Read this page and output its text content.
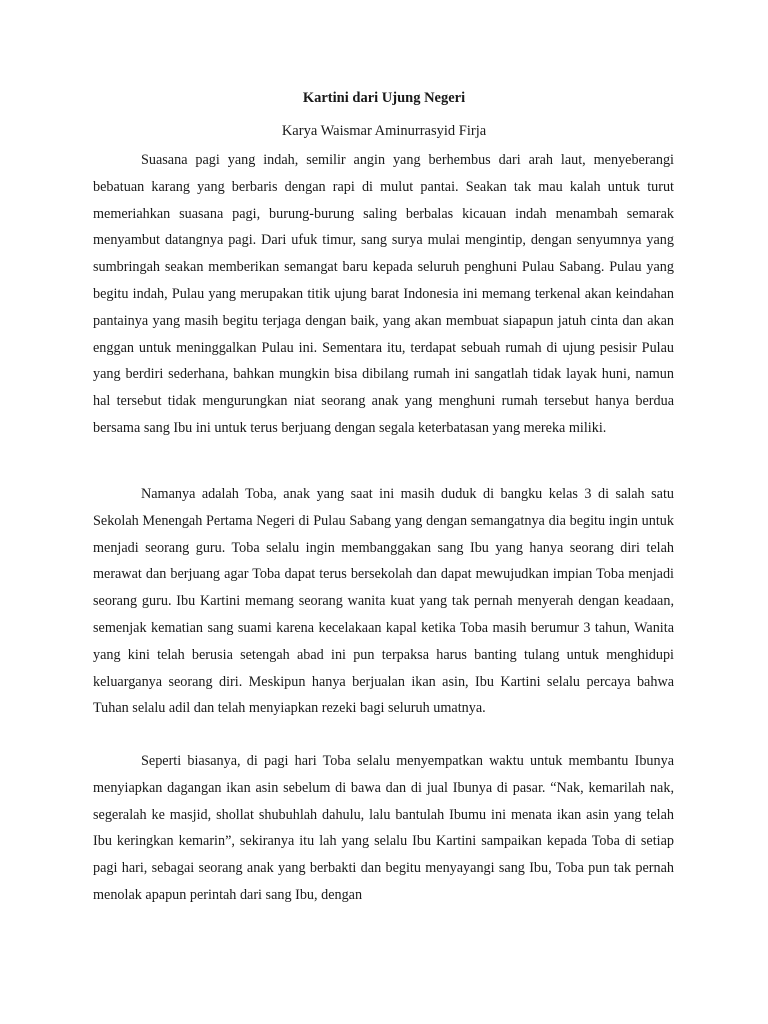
Kartini dari Ujung Negeri
Karya Waismar Aminurrasyid Firja

Suasana pagi yang indah, semilir angin yang berhembus dari arah laut, menyeberangi bebatuan karang yang berbaris dengan rapi di mulut pantai. Seakan tak mau kalah untuk turut memeriahkan suasana pagi, burung-burung saling berbalas kicauan indah menambah semarak menyambut datangnya pagi. Dari ufuk timur, sang surya mulai mengintip, dengan senyumnya yang sumbringah seakan memberikan semangat baru kepada seluruh penghuni Pulau Sabang. Pulau yang begitu indah, Pulau yang merupakan titik ujung barat Indonesia ini memang terkenal akan keindahan pantainya yang masih begitu terjaga dengan baik, yang akan membuat siapapun jatuh cinta dan akan enggan untuk meninggalkan Pulau ini. Sementara itu, terdapat sebuah rumah di ujung pesisir Pulau yang berdiri sederhana, bahkan mungkin bisa dibilang rumah ini sangatlah tidak layak huni, namun hal tersebut tidak mengurungkan niat seorang anak yang menghuni rumah tersebut hanya berdua bersama sang Ibu ini untuk terus berjuang dengan segala keterbatasan yang mereka miliki.

Namanya adalah Toba, anak yang saat ini masih duduk di bangku kelas 3 di salah satu Sekolah Menengah Pertama Negeri di Pulau Sabang yang dengan semangatnya dia begitu ingin untuk menjadi seorang guru. Toba selalu ingin membanggakan sang Ibu yang hanya seorang diri telah merawat dan berjuang agar Toba dapat terus bersekolah dan dapat mewujudkan impian Toba menjadi seorang guru. Ibu Kartini memang seorang wanita kuat yang tak pernah menyerah dengan keadaan, semenjak kematian sang suami karena kecelakaan kapal ketika Toba masih berumur 3 tahun, Wanita yang kini telah berusia setengah abad ini pun terpaksa harus banting tulang untuk menghidupi keluarganya seorang diri. Meskipun hanya berjualan ikan asin, Ibu Kartini selalu percaya bahwa Tuhan selalu adil dan telah menyiapkan rezeki bagi seluruh umatnya.

Seperti biasanya, di pagi hari Toba selalu menyempatkan waktu untuk membantu Ibunya menyiapkan dagangan ikan asin sebelum di bawa dan di jual Ibunya di pasar. “Nak, kemarilah nak, segeralah ke masjid, shollat shubuhlah dahulu, lalu bantulah Ibumu ini menata ikan asin yang telah Ibu keringkan kemarin”, sekiranya itu lah yang selalu Ibu Kartini sampaikan kepada Toba di setiap pagi hari, sebagai seorang anak yang berbakti dan begitu menyayangi sang Ibu, Toba pun tak pernah menolak apapun perintah dari sang Ibu, dengan
